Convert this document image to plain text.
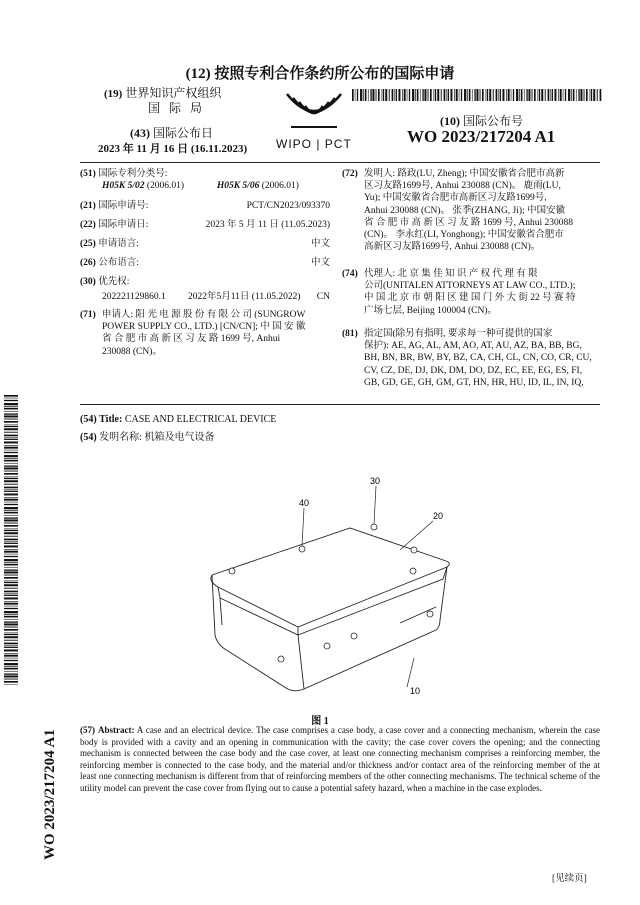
(12) 按照专利合作条约所公布的国际申请
(19) 世界知识产权组织
国 际 局
(43) 国际公布日
2023 年 11 月 16 日 (16.11.2023) WIPO | PCT
(10) 国际公布号
WO 2023/217204 A1
(51) 国际专利分类号:
H05K 5/02 (2006.01)	H05K 5/06 (2006.01)
(21) 国际申请号:	PCT/CN2023/093370
(22) 国际申请日:	2023 年 5 月 11 日 (11.05.2023)
(25) 申请语言:	中文
(26) 公布语言:	中文
(30) 优先权:
202221129860.1 2022年5月11日 (11.05.2022) CN
(71) 申请人: 阳 光 电 源 股 份 有 限 公 司 (SUNGROW
POWER SUPPLY CO., LTD.) [CN/CN]; 中 国 安 徽
省 合 肥 市 高 新 区 习 友 路 1699 号, Anhui
230088 (CN)。
(72) 发明人: 路政(LU, Zheng); 中国安徽省合肥市高新
区习友路1699号, Anhui 230088 (CN)。 鹿雨(LU,
Yu); 中国安徽省合肥市高新区习友路1699号,
Anhui 230088 (CN)。 张季(ZHANG, Ji); 中国安徽
省 合 肥 市 高 新 区 习 友 路 1699 号, Anhui 230088
(CN)。 李永红(LI, Yonghong); 中国安徽省合肥市
高新区习友路1699号, Anhui 230088 (CN)。
(74) 代理人: 北 京 集 佳 知 识 产 权 代 理 有 限
公司(UNITALEN ATTORNEYS AT LAW CO., LTD.);
中 国 北 京 市 朝 阳 区 建 国 门 外 大 街 22 号 赛 特
广场七层, Beijing 100004 (CN)。
(81) 指定国(除另有指明, 要求每一种可提供的国家
保护): AE, AG, AL, AM, AO, AT, AU, AZ, BA, BB, BG,
BH, BN, BR, BW, BY, BZ, CA, CH, CL, CN, CO, CR, CU,
CV, CZ, DE, DJ, DK, DM, DO, DZ, EC, EE, EG, ES, FI,
GB, GD, GE, GH, GM, GT, HN, HR, HU, ID, IL, IN, IQ,
(54) Title: CASE AND ELECTRICAL DEVICE
(54) 发明名称: 机箱及电气设备
WO 2023/217204 A1
40
30
20
10
图 1
(57) Abstract: A case and an electrical device. The case comprises a case body, a case cover and a connecting mechanism, wherein the case body is provided with a cavity and an opening in communication with the cavity; the case cover covers the opening; and the connecting mechanism is connected between the case body and the case cover, at least one connecting mechanism comprises a reinforcing member, the reinforcing member is connected to the case body, and the material and/or thickness and/or contact area of the reinforcing member of the at least one connecting mechanism is different from that of reinforcing members of the other connecting mechanisms. The technical scheme of the utility model can prevent the case cover from flying out to cause a potential safety hazard, when a machine in the case explodes.
[见续页]
